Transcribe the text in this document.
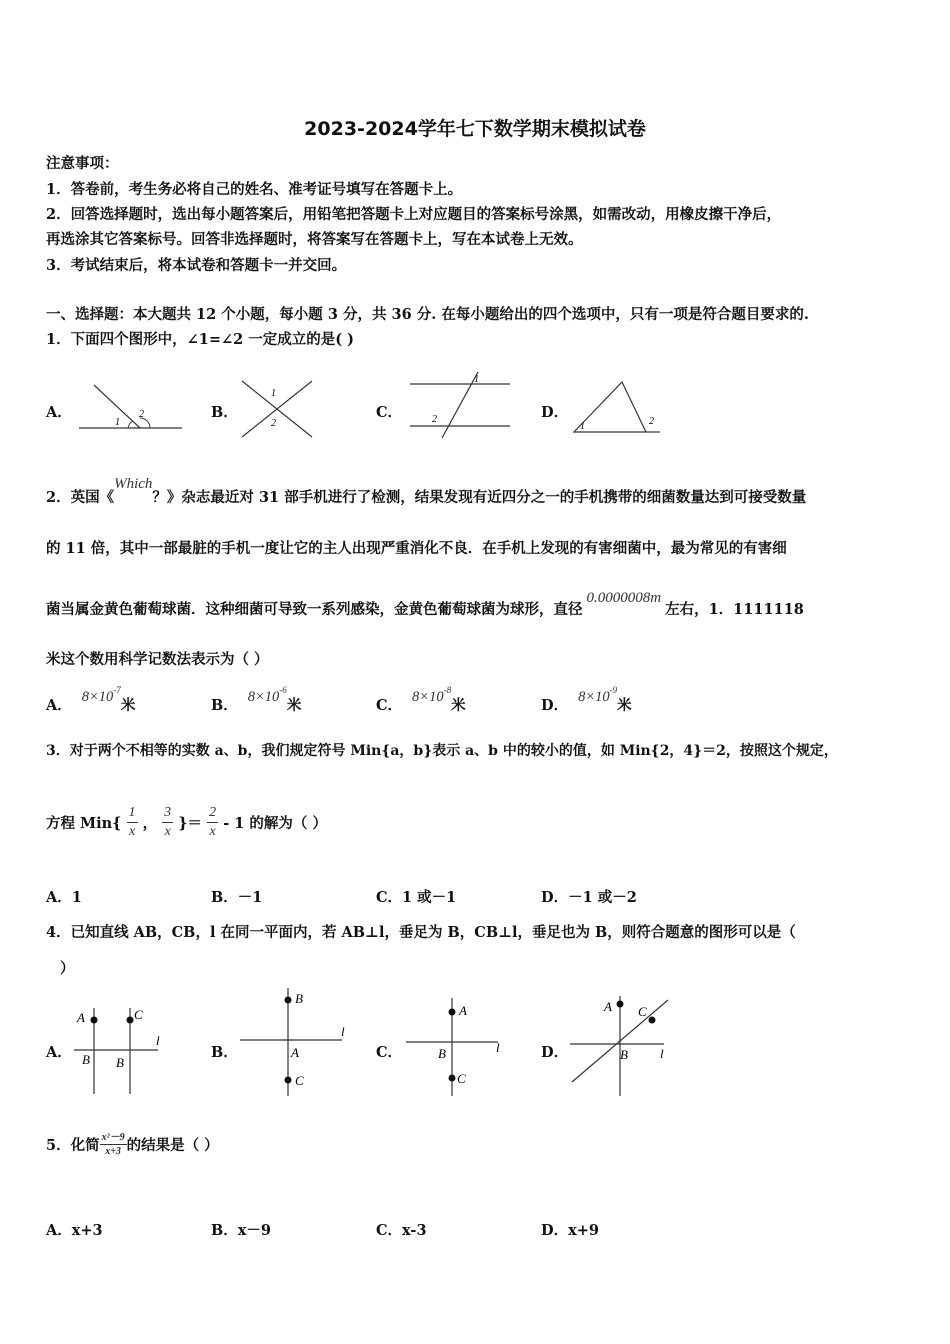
2023-2024学年七下数学期末模拟试卷
注意事项：
1．答卷前，考生务必将自己的姓名、准考证号填写在答题卡上。
2．回答选择题时，选出每小题答案后，用铅笔把答题卡上对应题目的答案标号涂黑，如需改动，用橡皮擦干净后，
再选涂其它答案标号。回答非选择题时，将答案写在答题卡上，写在本试卷上无效。
3．考试结束后，将本试卷和答题卡一并交回。
一、选择题：本大题共 12 个小题，每小题 3 分，共 36 分. 在每小题给出的四个选项中，只有一项是符合题目要求的.
1．下面四个图形中，∠1=∠2 一定成立的是( )
A．	B．	C．	D．
1
2
1
2
1
2
1	2
2．英国《Which？》杂志最近对 31 部手机进行了检测，结果发现有近四分之一的手机携带的细菌数量达到可接受数量
的 11 倍，其中一部最脏的手机一度让它的主人出现严重消化不良．在手机上发现的有害细菌中，最为常见的有害细
菌当属金黄色葡萄球菌．这种细菌可导致一系列感染，金黄色葡萄球菌为球形，直径0.0000008m左右，1．1111118
米这个数用科学记数法表示为（ ）
A． $8\times 10^{-7}$米	B． $8\times 10^{-6}$米	C． $8\times 10^{-8}$米	D． $8\times 10^{-9}$米
3．对于两个不相等的实数 a、b，我们规定符号 Min{a，b}表示 a、b 中的较小的值，如 Min{2，4}＝2，按照这个规定，
方程 $Min\{ \frac{1}{x}$ ， $\frac{3}{x}$ }＝ $\frac{2}{x} - 1$ 的解为（ ）
A．1	B．－1	C．1 或－1	D．－1 或－2
4．已知直线 AB，CB，l 在同一平面内，若 AB⊥l，垂足为 B，CB⊥l，垂足也为 B，则符合题意的图形可以是（
）
A．	B．	C．	D．
A	C
B B
l
B
A
C
l
A
B
C
l
A C
B l
5．化简 $\frac{\text{x²－9}}{x+3}$ 的结果是（ ）
A．x+3	B．x－9	C．x-3	D．x+9
